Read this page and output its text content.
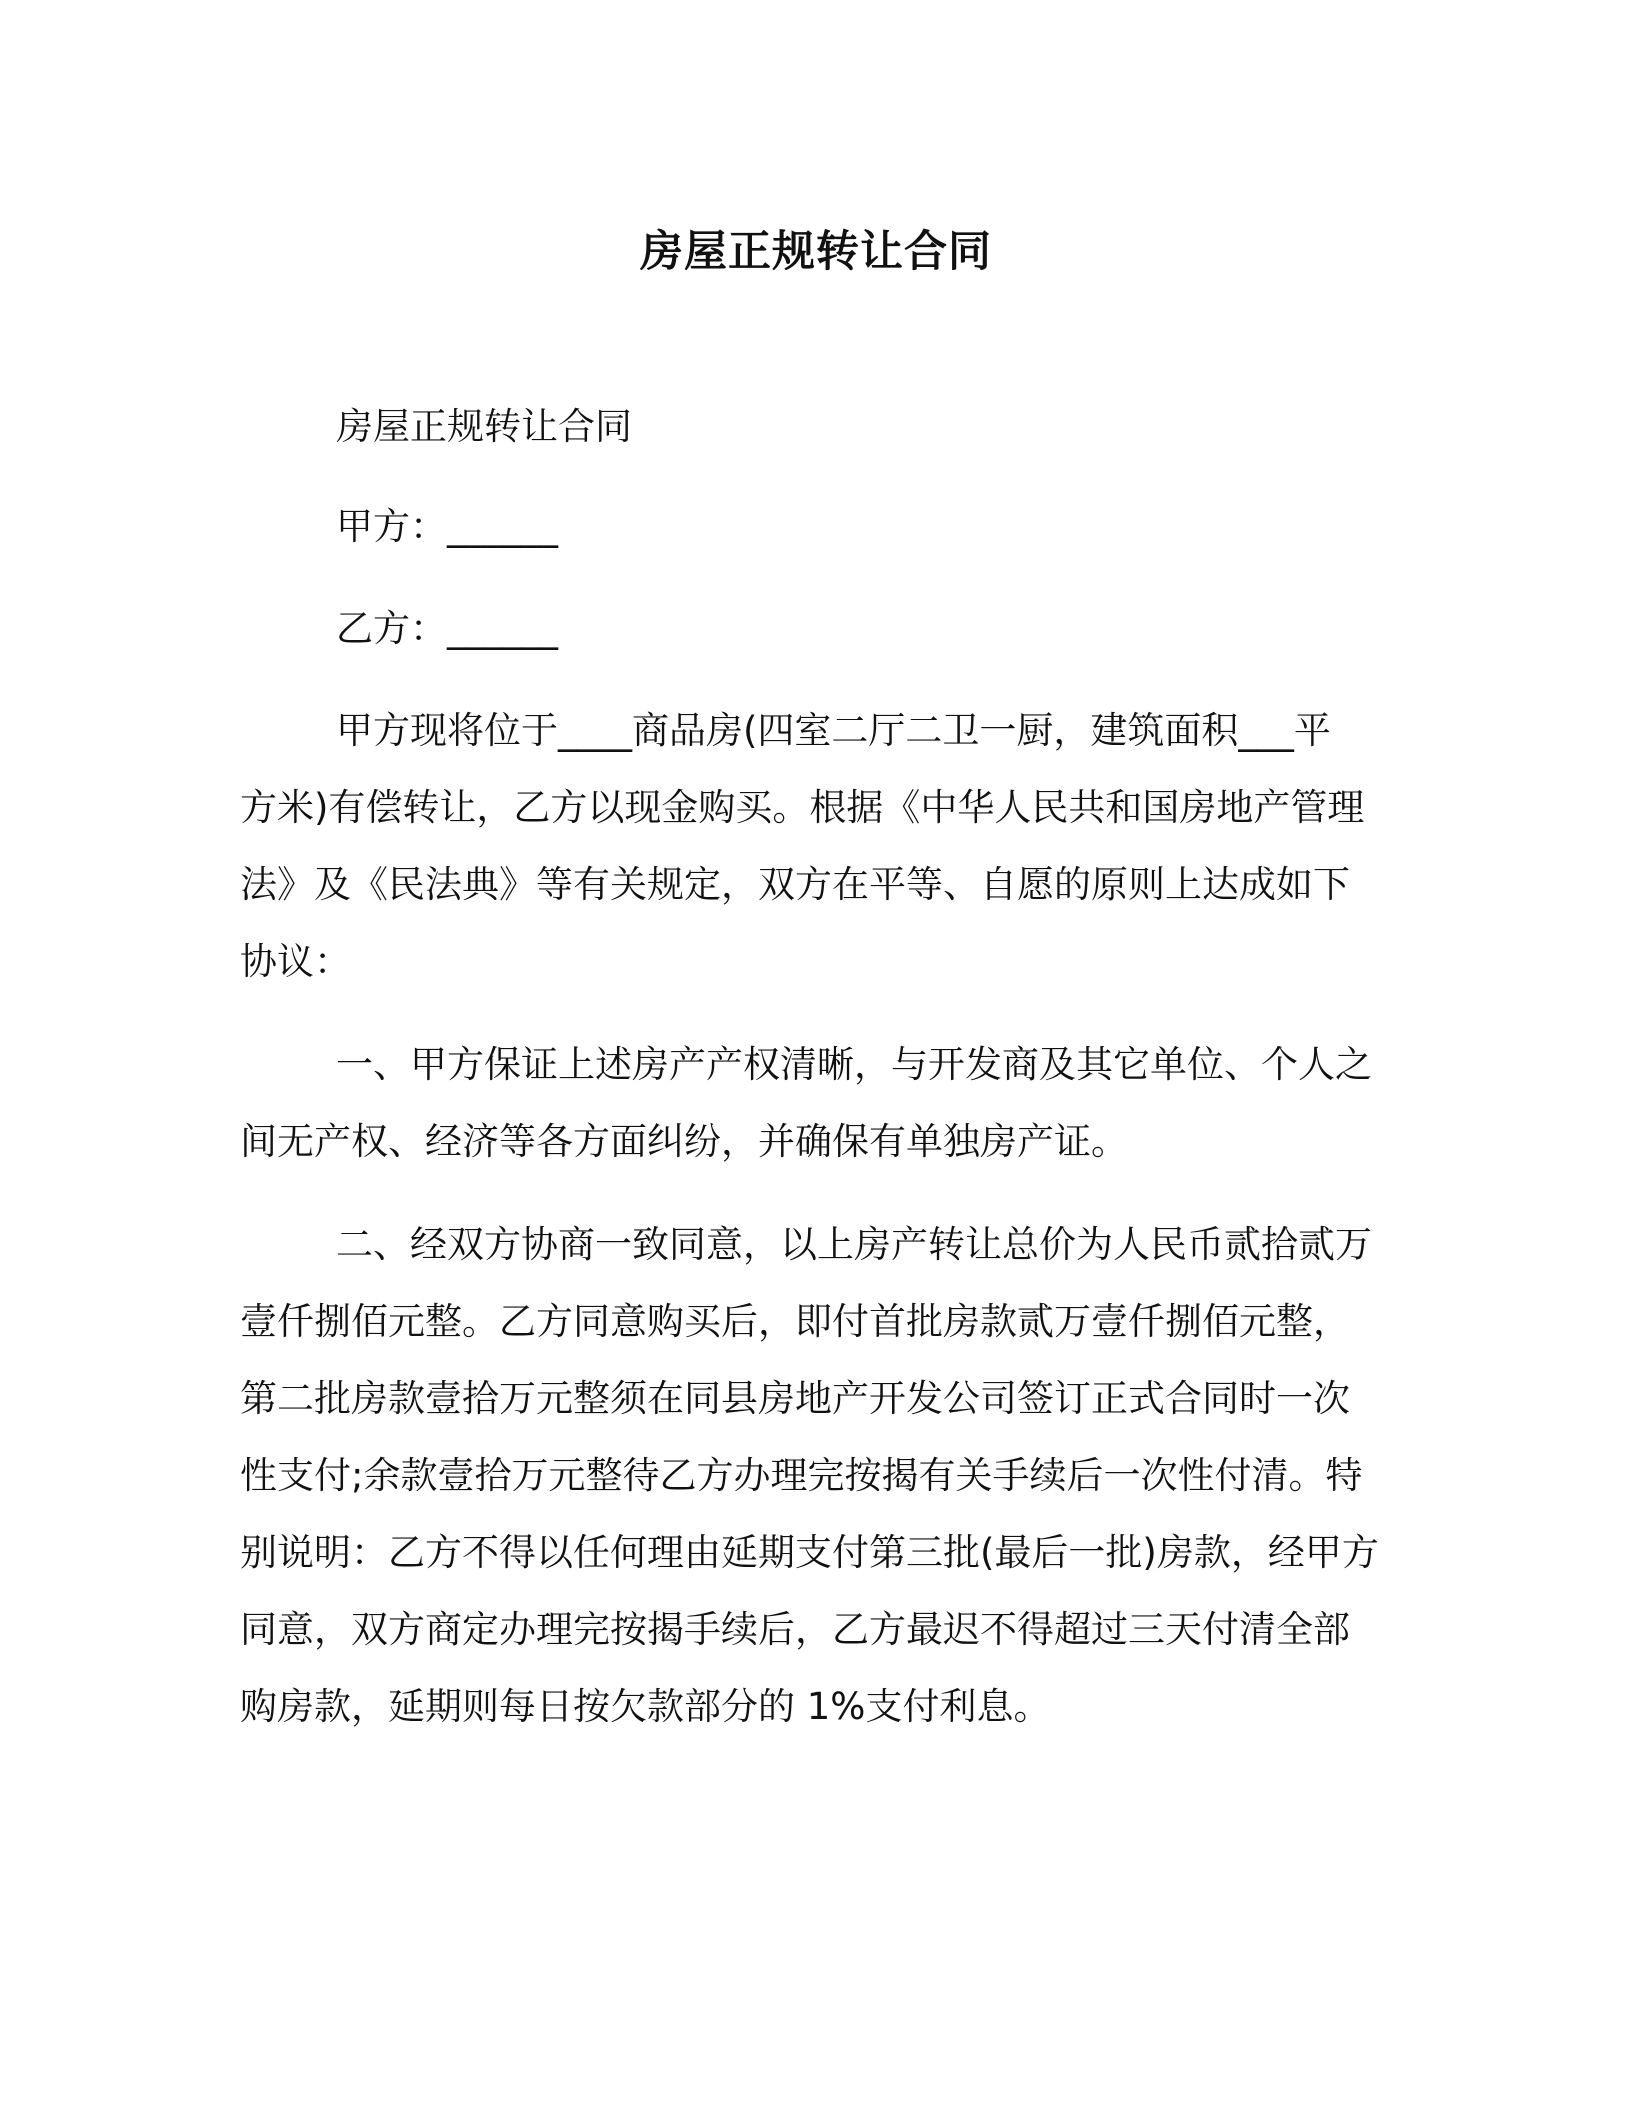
房屋正规转让合同

房屋正规转让合同

甲方：______

乙方：______

甲方现将位于____商品房(四室二厅二卫一厨，建筑面积___平
方米)有偿转让，乙方以现金购买。根据《中华人民共和国房地产管理
法》及《民法典》等有关规定，双方在平等、自愿的原则上达成如下
协议：

一、甲方保证上述房产产权清晰，与开发商及其它单位、个人之
间无产权、经济等各方面纠纷，并确保有单独房产证。

二、经双方协商一致同意，以上房产转让总价为人民币贰拾贰万
壹仟捌佰元整。乙方同意购买后，即付首批房款贰万壹仟捌佰元整，
第二批房款壹拾万元整须在同县房地产开发公司签订正式合同时一次
性支付;余款壹拾万元整待乙方办理完按揭有关手续后一次性付清。特
别说明：乙方不得以任何理由延期支付第三批(最后一批)房款，经甲方
同意，双方商定办理完按揭手续后，乙方最迟不得超过三天付清全部
购房款，延期则每日按欠款部分的 1%支付利息。
